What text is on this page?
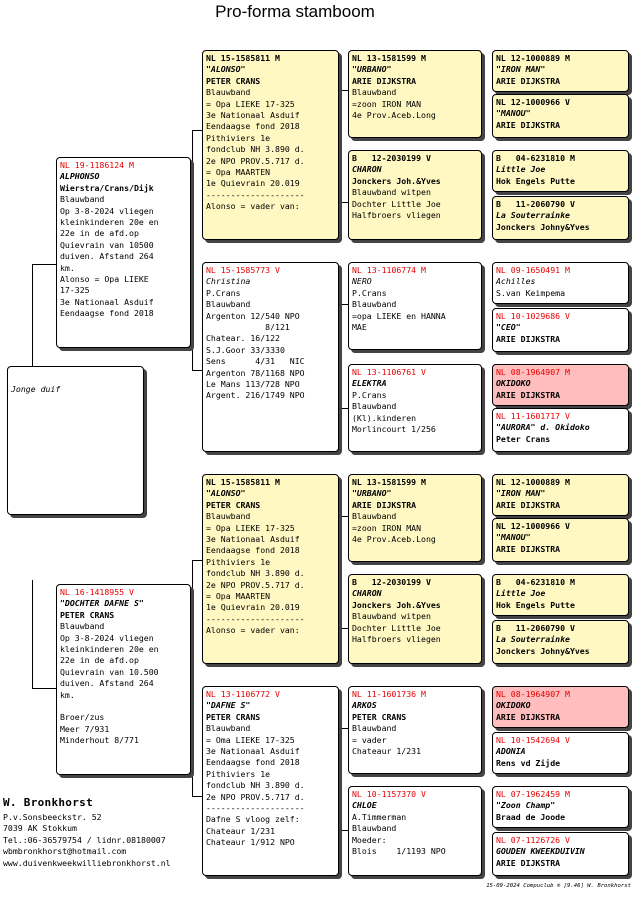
Pro-forma stamboom
Jonge duif
NL 19-1186124 M
ALPHONSO
Wierstra/Crans/Dijk
Blauwband
Op 3-8-2024 vliegen
kleinkinderen 20e en
22e in de afd.op
Quievrain van 10500
duiven. Afstand 264
km.
Alonso = Opa LIEKE
17-325
3e Nationaal Asduif
Eendaagse fond 2018
NL 16-1418955 V
"DOCHTER DAFNE S"
PETER CRANS
Blauwband
Op 3-8-2024 vliegen
kleinkinderen 20e en
22e in de afd.op
Quievrain van 10.500
duiven. Afstand 264
km.
Broer/zus
Meer 7/931
Minderhout 8/771
NL 15-1585811 M
"ALONSO"
PETER CRANS
Blauwband
= Opa LIEKE 17-325
3e Nationaal Asduif
Eendaagse fond 2018
Pithiviers 1e
fondclub NH 3.890 d.
2e NPO PROV.5.717 d.
= Opa MAARTEN
1e Quievrain 20.019
--------------------
Alonso = vader van:
NL 15-1585773 V
Christina
P.Crans
Blauwband
Argenton 12/540 NPO
8/121
Chatear. 16/122
S.J.Goor 33/3330
Sens      4/31   NIC
Argenton 78/1168 NPO
Le Mans 113/728 NPO
Argent. 216/1749 NPO
NL 15-1585811 M
"ALONSO"
PETER CRANS
Blauwband
= Opa LIEKE 17-325
3e Nationaal Asduif
Eendaagse fond 2018
Pithiviers 1e
fondclub NH 3.890 d.
2e NPO PROV.5.717 d.
= Opa MAARTEN
1e Quievrain 20.019
--------------------
Alonso = vader van:
NL 13-1106772 V
"DAFNE S"
PETER CRANS
Blauwband
= Oma LIEKE 17-325
3e Nationaal Asduif
Eendaagse fond 2018
Pithiviers 1e
fondclub NH 3.890 d.
2e NPO PROV.5.717 d.
--------------------
Dafne S vloog zelf:
Chateaur 1/231
Chateaur 1/912 NPO
NL 13-1581599 M
"URBANO"
ARIE DIJKSTRA
Blauwband
=zoon IRON MAN
4e Prov.Aceb.Long
B   12-2030199 V
CHARON
Jonckers Joh.&Yves
Blauwband witpen
Dochter Little Joe
Halfbroers vliegen
NL 13-1106774 M
NERO
P.Crans
Blauwband
=opa LIEKE en HANNA
MAE
NL 13-1106761 V
ELEKTRA
P.Crans
Blauwband
(Kl).kinderen
Morlincourt 1/256
NL 13-1581599 M
"URBANO"
ARIE DIJKSTRA
Blauwband
=zoon IRON MAN
4e Prov.Aceb.Long
B   12-2030199 V
CHARON
Jonckers Joh.&Yves
Blauwband witpen
Dochter Little Joe
Halfbroers vliegen
NL 11-1601736 M
ARKOS
PETER CRANS
Blauwband
= vader
Chateaur 1/231
NL 10-1157370 V
CHLOE
A.Timmerman
Blauwband
Moeder:
Blois    1/1193 NPO
NL 12-1000889 M
"IRON MAN"
ARIE DIJKSTRA
NL 12-1000966 V
"MANOU"
ARIE DIJKSTRA
B   04-6231810 M
Little Joe
Hok Engels Putte
B   11-2060790 V
La Souterrainke
Jonckers Johny&Yves
NL 09-1650491 M
Achilles
S.van Keimpema
NL 10-1029686 V
"CEO"
ARIE DIJKSTRA
NL 08-1964907 M
OKIDOKO
ARIE DIJKSTRA
NL 11-1601717 V
"AURORA" d. Okidoko
Peter Crans
NL 12-1000889 M
"IRON MAN"
ARIE DIJKSTRA
NL 12-1000966 V
"MANOU"
ARIE DIJKSTRA
B   04-6231810 M
Little Joe
Hok Engels Putte
B   11-2060790 V
La Souterrainke
Jonckers Johny&Yves
NL 08-1964907 M
OKIDOKO
ARIE DIJKSTRA
NL 10-1542694 V
ADONIA
Rens vd Zijde
NL 07-1962459 M
"Zoon Champ"
Braad de Joode
NL 07-1126726 V
GOUDEN KWEEKDUIVIN
ARIE DIJKSTRA
W. Bronkhorst
P.v.Sonsbeeckstr. 52
7039 AK Stokkum
Tel.:06-36579754 / lidnr.08180007
wbmbronkhorst@hotmail.com
www.duivenkweekwilliebronkhorst.nl
15-09-2024 Compuclub ® [9.46] W. Bronkhorst
